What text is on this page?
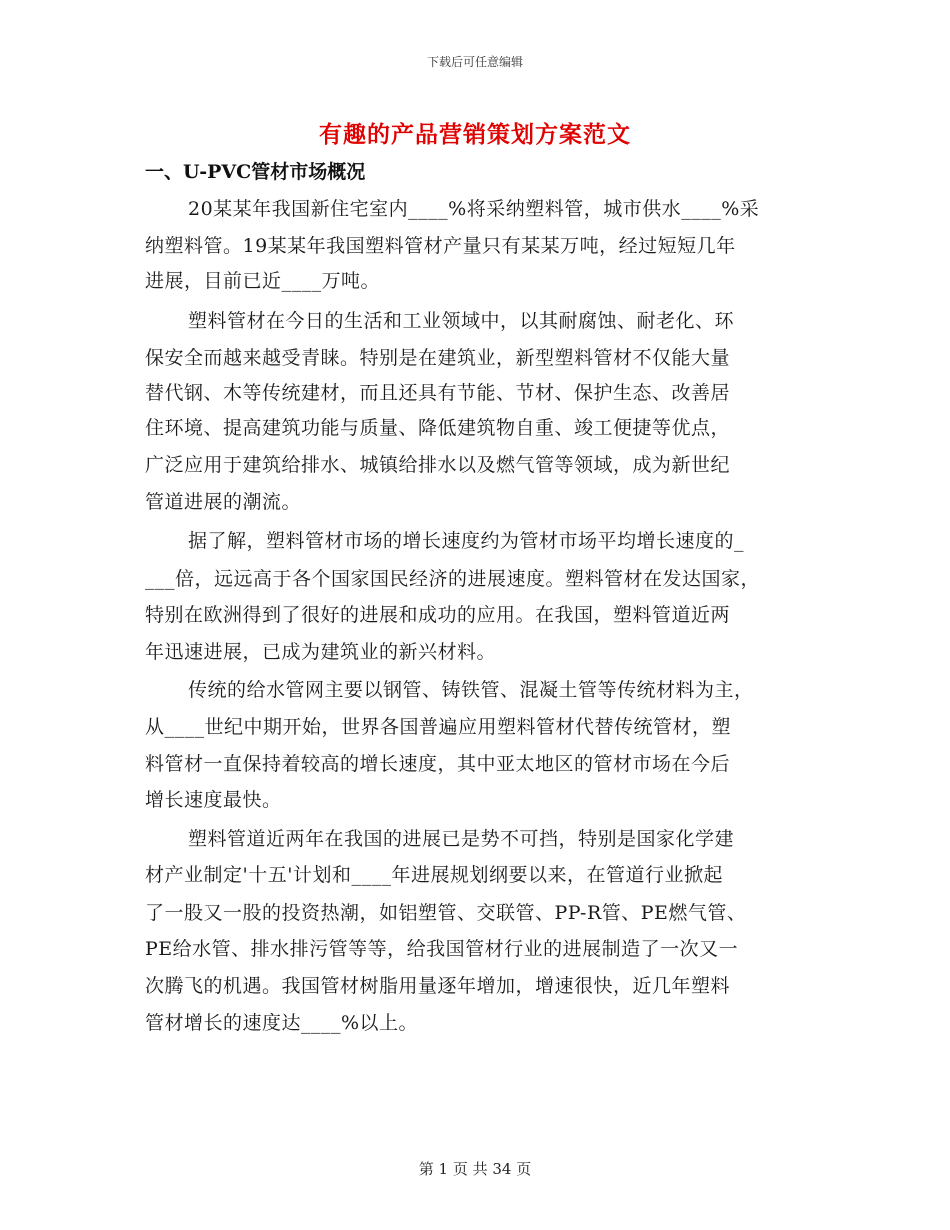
下载后可任意编辑
有趣的产品营销策划方案范文
一、U-PVC管材市场概况
20某某年我国新住宅室内____%将采纳塑料管，城市供水____%采
纳塑料管。19某某年我国塑料管材产量只有某某万吨，经过短短几年
进展，目前已近____万吨。
塑料管材在今日的生活和工业领域中，以其耐腐蚀、耐老化、环
保安全而越来越受青睐。特别是在建筑业，新型塑料管材不仅能大量
替代钢、木等传统建材，而且还具有节能、节材、保护生态、改善居
住环境、提高建筑功能与质量、降低建筑物自重、竣工便捷等优点，
广泛应用于建筑给排水、城镇给排水以及燃气管等领域，成为新世纪
管道进展的潮流。
据了解，塑料管材市场的增长速度约为管材市场平均增长速度的_
___倍，远远高于各个国家国民经济的进展速度。塑料管材在发达国家，
特别在欧洲得到了很好的进展和成功的应用。在我国，塑料管道近两
年迅速进展，已成为建筑业的新兴材料。
传统的给水管网主要以钢管、铸铁管、混凝土管等传统材料为主，
从____世纪中期开始，世界各国普遍应用塑料管材代替传统管材，塑
料管材一直保持着较高的增长速度，其中亚太地区的管材市场在今后
增长速度最快。
塑料管道近两年在我国的进展已是势不可挡，特别是国家化学建
材产业制定'十五'计划和____年进展规划纲要以来，在管道行业掀起
了一股又一股的投资热潮，如铝塑管、交联管、PP-R管、PE燃气管、
PE给水管、排水排污管等等，给我国管材行业的进展制造了一次又一
次腾飞的机遇。我国管材树脂用量逐年增加，增速很快，近几年塑料
管材增长的速度达____%以上。
第 1 页 共 34 页
